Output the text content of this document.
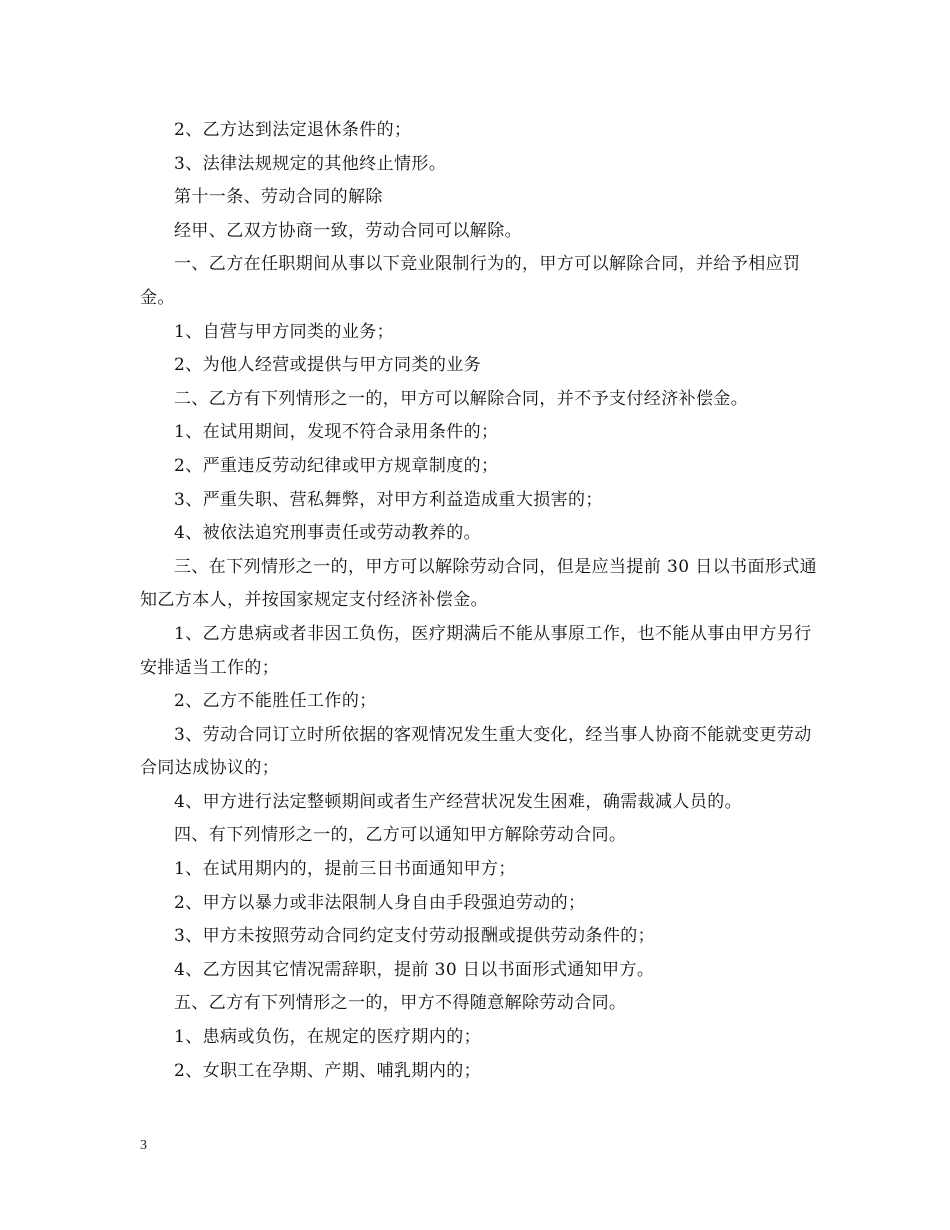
2、乙方达到法定退休条件的；

3、法律法规规定的其他终止情形。

第十一条、劳动合同的解除

经甲、乙双方协商一致，劳动合同可以解除。

一、乙方在任职期间从事以下竞业限制行为的，甲方可以解除合同，并给予相应罚金。

1、自营与甲方同类的业务；

2、为他人经营或提供与甲方同类的业务

二、乙方有下列情形之一的，甲方可以解除合同，并不予支付经济补偿金。

1、在试用期间，发现不符合录用条件的；

2、严重违反劳动纪律或甲方规章制度的；

3、严重失职、营私舞弊，对甲方利益造成重大损害的；

4、被依法追究刑事责任或劳动教养的。

三、在下列情形之一的，甲方可以解除劳动合同，但是应当提前 30 日以书面形式通知乙方本人，并按国家规定支付经济补偿金。

1、乙方患病或者非因工负伤，医疗期满后不能从事原工作，也不能从事由甲方另行安排适当工作的；

2、乙方不能胜任工作的；

3、劳动合同订立时所依据的客观情况发生重大变化，经当事人协商不能就变更劳动合同达成协议的；

4、甲方进行法定整顿期间或者生产经营状况发生困难，确需裁减人员的。

四、有下列情形之一的，乙方可以通知甲方解除劳动合同。

1、在试用期内的，提前三日书面通知甲方；

2、甲方以暴力或非法限制人身自由手段强迫劳动的；

3、甲方未按照劳动合同约定支付劳动报酬或提供劳动条件的；

4、乙方因其它情况需辞职，提前 30 日以书面形式通知甲方。

五、乙方有下列情形之一的，甲方不得随意解除劳动合同。

1、患病或负伤，在规定的医疗期内的；

2、女职工在孕期、产期、哺乳期内的；

3
